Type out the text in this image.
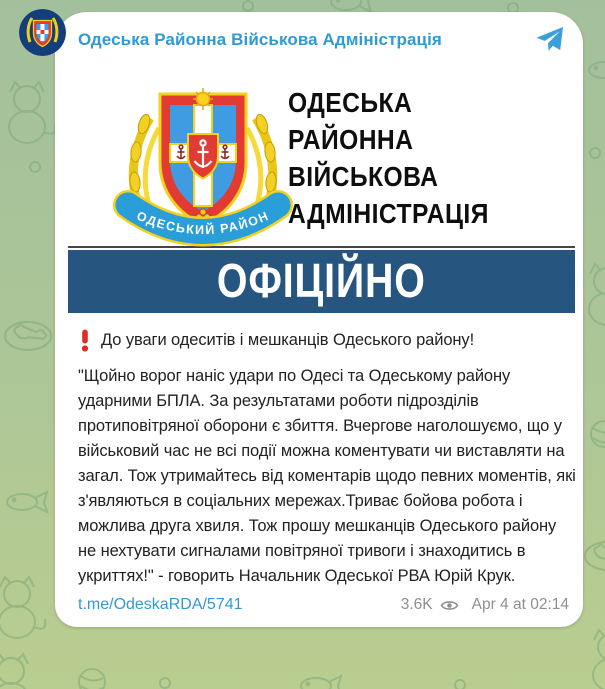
Одеська Районна Військова Адміністрація
ОДЕСЬКИЙ РАЙОН
ОДЕСЬКА
РАЙОННА
ВІЙСЬКОВА
АДМІНІСТРАЦІЯ
ОФІЦІЙНО
До уваги одеситів і мешканців Одеського району!

"Щойно ворог наніс удари по Одесі та Одеському району ударними БПЛА. За результатами роботи підрозділів протиповітряної оборони є збиття. Вчергове наголошуємо, що у військовий час не всі події можна коментувати чи виставляти на загал. Тож утримайтесь від коментарів щодо певних моментів, які з'являються в соціальних мережах.Триває бойова робота і можлива друга хвиля. Тож прошу мешканців Одеського району не нехтувати сигналами повітряної тривоги і знаходитись в укриттях!" - говорить Начальник Одеської РВА Юрій Крук.

t.me/OdeskaRDA/5741	3.6K	Apr 4 at 02:14
